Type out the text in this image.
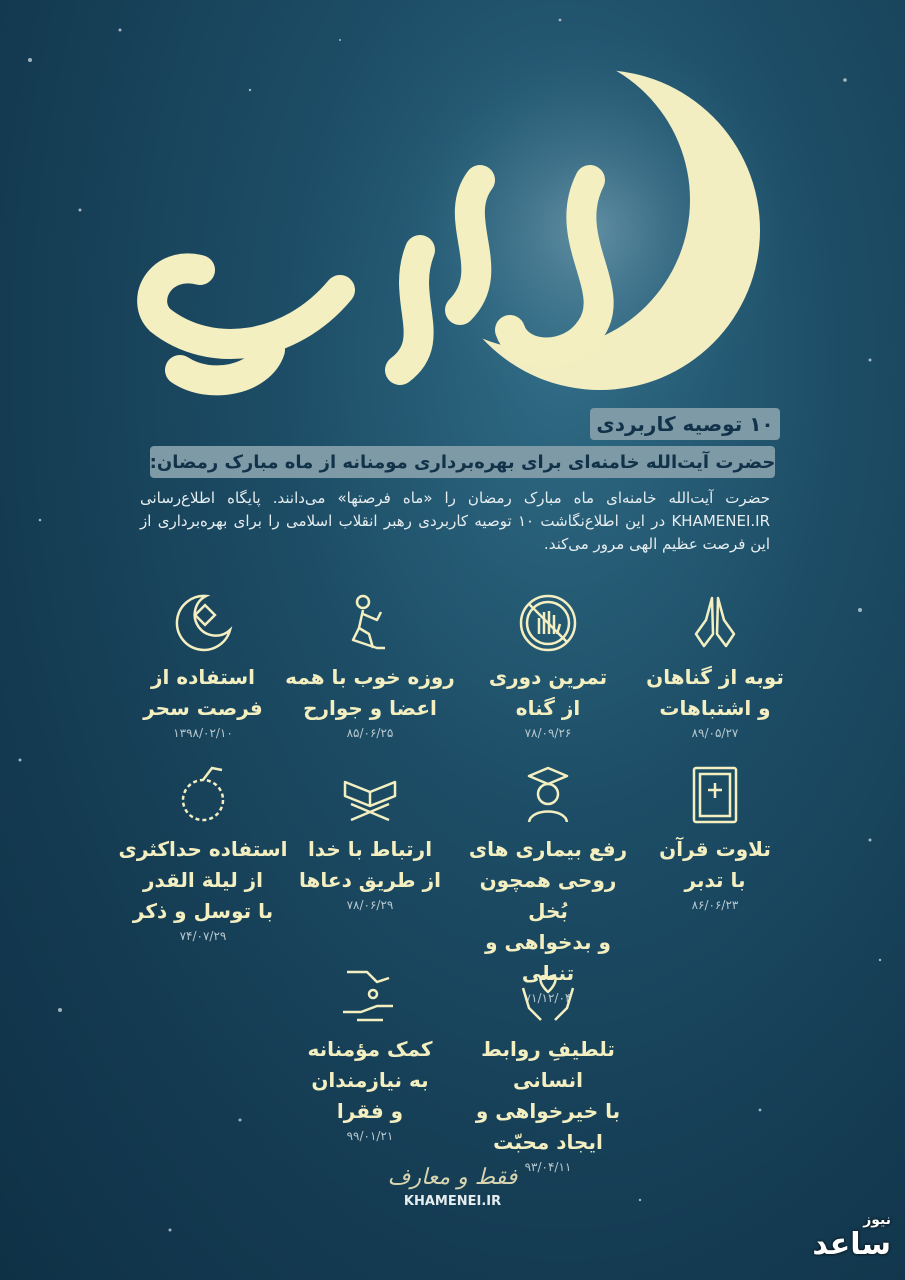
ماه فرصتها
۱۰ توصیه کاربردی
حضرت آیت‌الله خامنه‌ای برای بهره‌برداری مومنانه از ماه مبارک رمضان:
حضرت آیت‌الله خامنه‌ای ماه مبارک رمضان را «ماه فرصتها» می‌دانند. پایگاه اطلاع‌رسانی KHAMENEI.IR در این اطلاع‌نگاشت ۱۰ توصیه کاربردی رهبر انقلاب اسلامی را برای بهره‌برداری از این فرصت عظیم الهی مرور می‌کند.
توبه از گناهان
و اشتباهات
۸۹/۰۵/۲۷
تمرین دوری
از گناه
۷۸/۰۹/۲۶
روزه خوب با همه
اعضا و جوارح
۸۵/۰۶/۲۵
استفاده از
فرصت سحر
۱۳۹۸/۰۲/۱۰
تلاوت قرآن
با تدبر
۸۶/۰۶/۲۳
رفع بیماری های
روحی همچون بُخل
و بدخواهی و تنبلی
۷۱/۱۲/۰۴
ارتباط با خدا
از طریق دعاها
۷۸/۰۶/۲۹
استفاده حداکثری
از لیلة القدر
با توسل و ذکر
۷۴/۰۷/۲۹
تلطیفِ روابط انسانی
با خیرخواهی و
ایجاد محبّت
۹۳/۰۴/۱۱
کمک مؤمنانه
به نیازمندان
و فقرا
۹۹/۰۱/۲۱
فقط و معارف
KHAMENEI.IR
نیوز
ساعد
